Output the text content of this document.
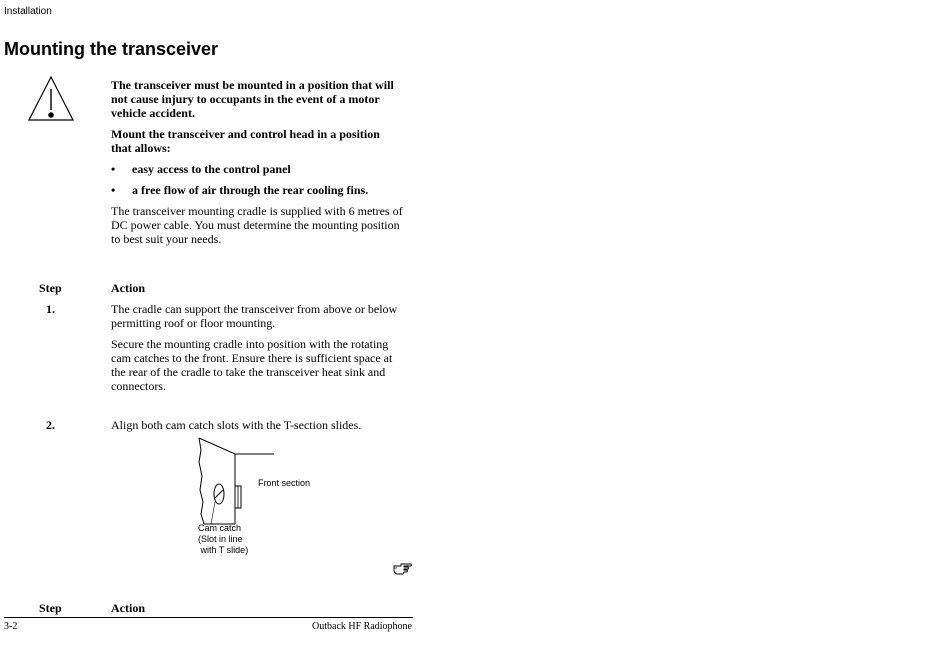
Installation
Mounting the transceiver
The transceiver must be mounted in a position that will not cause injury to occupants in the event of a motor vehicle accident.
Mount the transceiver and control head in a position that allows:
• easy access to the control panel
• a free flow of air through the rear cooling fins.
The transceiver mounting cradle is supplied with 6 metres of DC power cable. You must determine the mounting position to best suit your needs.
Step	Action
1.	The cradle can support the transceiver from above or below permitting roof or floor mounting.
Secure the mounting cradle into position with the rotating cam catches to the front. Ensure there is sufficient space at the rear of the cradle to take the transceiver heat sink and connectors.
2.	Align both cam catch slots with the T-section slides.
Front section
Cam catch
(Slot in line
with T slide)
Step	Action
3-2	Outback HF Radiophone
